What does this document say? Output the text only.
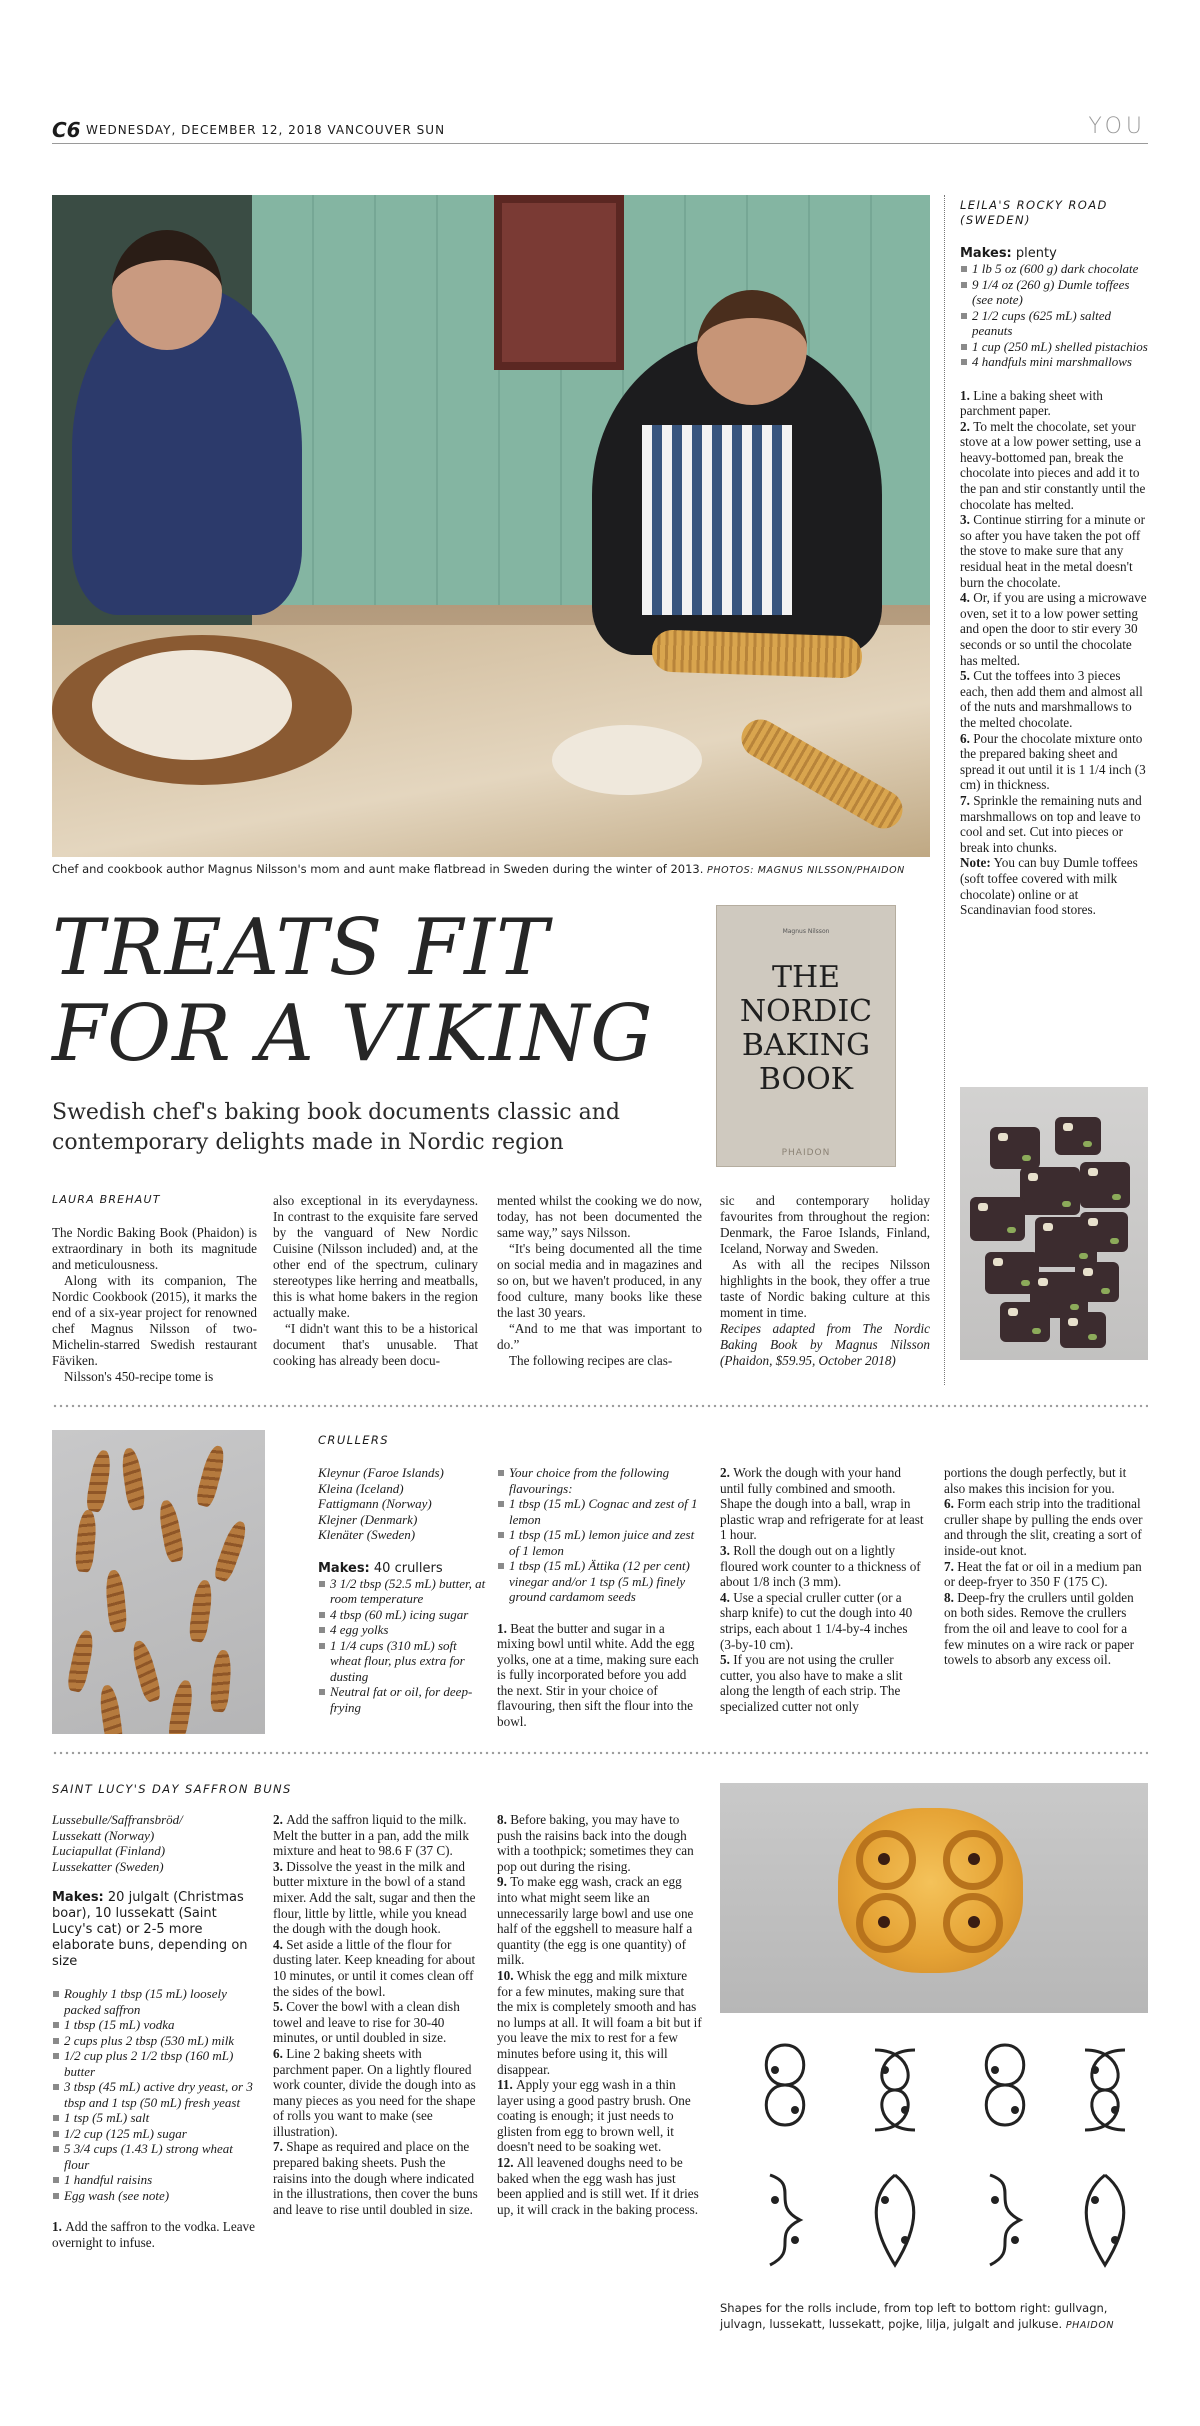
C6 WEDNESDAY, DECEMBER 12, 2018 VANCOUVER SUN	YOU
Chef and cookbook author Magnus Nilsson's mom and aunt make flatbread in Sweden during the winter of 2013. PHOTOS: MAGNUS NILSSON/PHAIDON
TREATS FIT
FOR A VIKING
Swedish chef's baking book documents classic and contemporary delights made in Nordic region
Magnus Nilsson
THE
NORDIC
BAKING
BOOK
PHAIDON
LAURA BREHAUT

The Nordic Baking Book (Phaidon) is extraordinary in both its magnitude and meticulousness.

Along with its companion, The Nordic Cookbook (2015), it marks the end of a six-year project for renowned chef Magnus Nilsson of two-Michelin-starred Swedish restaurant Fäviken.

Nilsson's 450-recipe tome is

also exceptional in its everydayness. In contrast to the exquisite fare served by the vanguard of New Nordic Cuisine (Nilsson included) and, at the other end of the spectrum, culinary stereotypes like herring and meatballs, this is what home bakers in the region actually make.

“I didn't want this to be a historical document that's unusable. That cooking has already been docu-

mented whilst the cooking we do now, today, has not been documented the same way,” says Nilsson.

“It's being documented all the time on social media and in magazines and so on, but we haven't produced, in any food culture, many books like these the last 30 years.

“And to me that was important to do.”

The following recipes are clas-

sic and contemporary holiday favourites from throughout the region: Denmark, the Faroe Islands, Finland, Iceland, Norway and Sweden.

As with all the recipes Nilsson highlights in the book, they offer a true taste of Nordic baking culture at this moment in time.

Recipes adapted from The Nordic Baking Book by Magnus Nilsson (Phaidon, $59.95, October 2018)

LEILA'S ROCKY ROAD (SWEDEN)
Makes: plenty
1 lb 5 oz (600 g) dark chocolate
9 1/4 oz (260 g) Dumle toffees (see note)
2 1/2 cups (625 mL) salted peanuts
1 cup (250 mL) shelled pistachios
4 handfuls mini marshmallows

1. Line a baking sheet with parchment paper.

2. To melt the chocolate, set your stove at a low power setting, use a heavy-bottomed pan, break the chocolate into pieces and add it to the pan and stir constantly until the chocolate has melted.

3. Continue stirring for a minute or so after you have taken the pot off the stove to make sure that any residual heat in the metal doesn't burn the chocolate.

4. Or, if you are using a microwave oven, set it to a low power setting and open the door to stir every 30 seconds or so until the chocolate has melted.

5. Cut the toffees into 3 pieces each, then add them and almost all of the nuts and marshmallows to the melted chocolate.

6. Pour the chocolate mixture onto the prepared baking sheet and spread it out until it is 1 1/4 inch (3 cm) in thickness.

7. Sprinkle the remaining nuts and marshmallows on top and leave to cool and set. Cut into pieces or break into chunks.

Note: You can buy Dumle toffees (soft toffee covered with milk chocolate) online or at Scandinavian food stores.
CRULLERS
Kleynur (Faroe Islands)
Kleina (Iceland)
Fattigmann (Norway)
Klejner (Denmark)
Klenäter (Sweden)
Makes: 40 crullers
3 1/2 tbsp (52.5 mL) butter, at room temperature
4 tbsp (60 mL) icing sugar
4 egg yolks
1 1/4 cups (310 mL) soft wheat flour, plus extra for dusting
Neutral fat or oil, for deep-frying
Your choice from the following flavourings:
1 tbsp (15 mL) Cognac and zest of 1 lemon
1 tbsp (15 mL) lemon juice and zest of 1 lemon
1 tbsp (15 mL) Ättika (12 per cent) vinegar and/or 1 tsp (5 mL) finely ground cardamom seeds

1. Beat the butter and sugar in a mixing bowl until white. Add the egg yolks, one at a time, making sure each is fully incorporated before you add the next. Stir in your choice of flavouring, then sift the flour into the bowl.

2. Work the dough with your hand until fully combined and smooth. Shape the dough into a ball, wrap in plastic wrap and refrigerate for at least 1 hour.

3. Roll the dough out on a lightly floured work counter to a thickness of about 1/8 inch (3 mm).

4. Use a special cruller cutter (or a sharp knife) to cut the dough into 40 strips, each about 1 1/4-by-4 inches (3-by-10 cm).

5. If you are not using the cruller cutter, you also have to make a slit along the length of each strip. The specialized cutter not only

portions the dough perfectly, but it also makes this incision for you.

6. Form each strip into the traditional cruller shape by pulling the ends over and through the slit, creating a sort of inside-out knot.

7. Heat the fat or oil in a medium pan or deep-fryer to 350 F (175 C).

8. Deep-fry the crullers until golden on both sides. Remove the crullers from the oil and leave to cool for a few minutes on a wire rack or paper towels to absorb any excess oil.

SAINT LUCY'S DAY SAFFRON BUNS
Lussebulle/Saffransbröd/
Lussekatt (Norway)
Luciapullat (Finland)
Lussekatter (Sweden)
Makes: 20 julgalt (Christmas boar), 10 lussekatt (Saint Lucy's cat) or 2-5 more elaborate buns, depending on size
Roughly 1 tbsp (15 mL) loosely packed saffron
1 tbsp (15 mL) vodka
2 cups plus 2 tbsp (530 mL) milk
1/2 cup plus 2 1/2 tbsp (160 mL) butter
3 tbsp (45 mL) active dry yeast, or 3 tbsp and 1 tsp (50 mL) fresh yeast
1 tsp (5 mL) salt
1/2 cup (125 mL) sugar
5 3/4 cups (1.43 L) strong wheat flour
1 handful raisins
Egg wash (see note)

1. Add the saffron to the vodka. Leave overnight to infuse.

2. Add the saffron liquid to the milk. Melt the butter in a pan, add the milk mixture and heat to 98.6 F (37 C).

3. Dissolve the yeast in the milk and butter mixture in the bowl of a stand mixer. Add the salt, sugar and then the flour, little by little, while you knead the dough with the dough hook.

4. Set aside a little of the flour for dusting later. Keep kneading for about 10 minutes, or until it comes clean off the sides of the bowl.

5. Cover the bowl with a clean dish towel and leave to rise for 30-40 minutes, or until doubled in size.

6. Line 2 baking sheets with parchment paper. On a lightly floured work counter, divide the dough into as many pieces as you need for the shape of rolls you want to make (see illustration).

7. Shape as required and place on the prepared baking sheets. Push the raisins into the dough where indicated in the illustrations, then cover the buns and leave to rise until doubled in size.

8. Before baking, you may have to push the raisins back into the dough with a toothpick; sometimes they can pop out during the rising.

9. To make egg wash, crack an egg into what might seem like an unnecessarily large bowl and use one half of the eggshell to measure half a quantity (the egg is one quantity) of milk.

10. Whisk the egg and milk mixture for a few minutes, making sure that the mix is completely smooth and has no lumps at all. It will foam a bit but if you leave the mix to rest for a few minutes before using it, this will disappear.

11. Apply your egg wash in a thin layer using a good pastry brush. One coating is enough; it just needs to glisten from egg to brown well, it doesn't need to be soaking wet.

12. All leavened doughs need to be baked when the egg wash has just been applied and is still wet. If it dries up, it will crack in the baking process.

Shapes for the rolls include, from top left to bottom right: gullvagn, julvagn, lussekatt, lussekatt, pojke, lilja, julgalt and julkuse. PHAIDON
